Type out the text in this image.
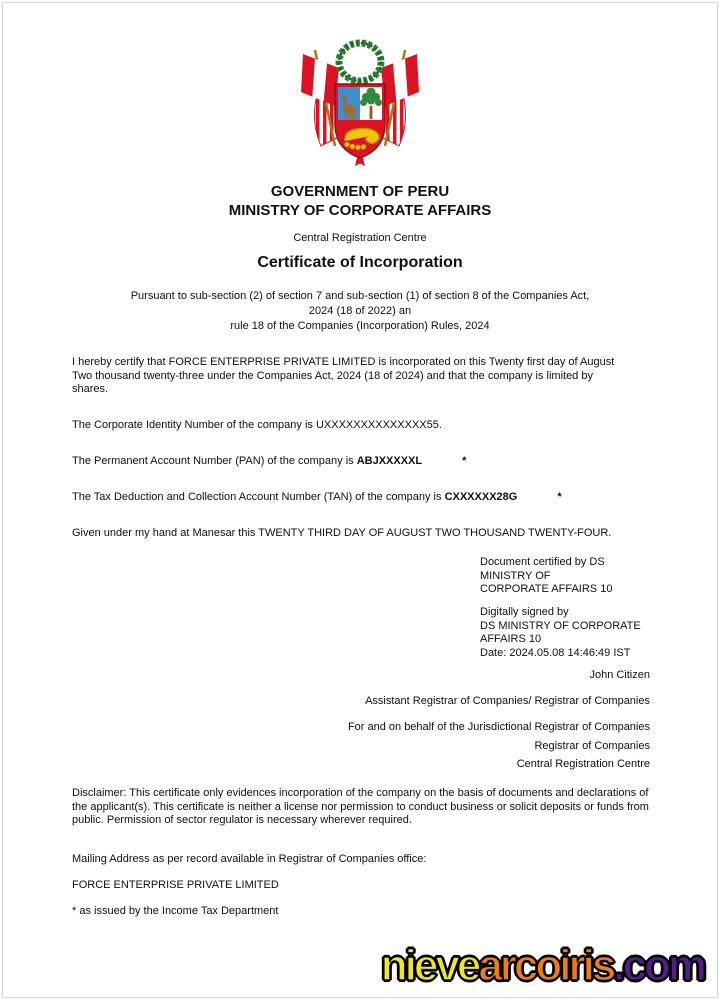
GOVERNMENT OF PERU
MINISTRY OF CORPORATE AFFAIRS
Central Registration Centre
Certificate of Incorporation
Pursuant to sub-section (2) of section 7 and sub-section (1) of section 8 of the Companies Act,
2024 (18 of 2022) an
rule 18 of the Companies (Incorporation) Rules, 2024
I hereby certify that FORCE ENTERPRISE PRIVATE LIMITED is incorporated on this Twenty first day of August Two thousand twenty-three under the Companies Act, 2024 (18 of 2024) and that the company is limited by shares.
The Corporate Identity Number of the company is UXXXXXXXXXXXXXX55.
The Permanent Account Number (PAN) of the company is ABJXXXXXL	*
The Tax Deduction and Collection Account Number (TAN) of the company is CXXXXXX28G	*
Given under my hand at Manesar this TWENTY THIRD DAY OF AUGUST TWO THOUSAND TWENTY-FOUR.
Document certified by DS
MINISTRY OF
CORPORATE AFFAIRS 10
Digitally signed by
DS MINISTRY OF CORPORATE
AFFAIRS 10
Date: 2024.05.08 14:46:49 IST
John Citizen
Assistant Registrar of Companies/ Registrar of Companies
For and on behalf of the Jurisdictional Registrar of Companies
Registrar of Companies
Central Registration Centre
Disclaimer: This certificate only evidences incorporation of the company on the basis of documents and declarations of the applicant(s). This certificate is neither a license nor permission to conduct business or solicit deposits or funds from public. Permission of sector regulator is necessary wherever required.
Mailing Address as per record available in Registrar of Companies office:
FORCE ENTERPRISE PRIVATE LIMITED
* as issued by the Income Tax Department
nievearcoiris.com
